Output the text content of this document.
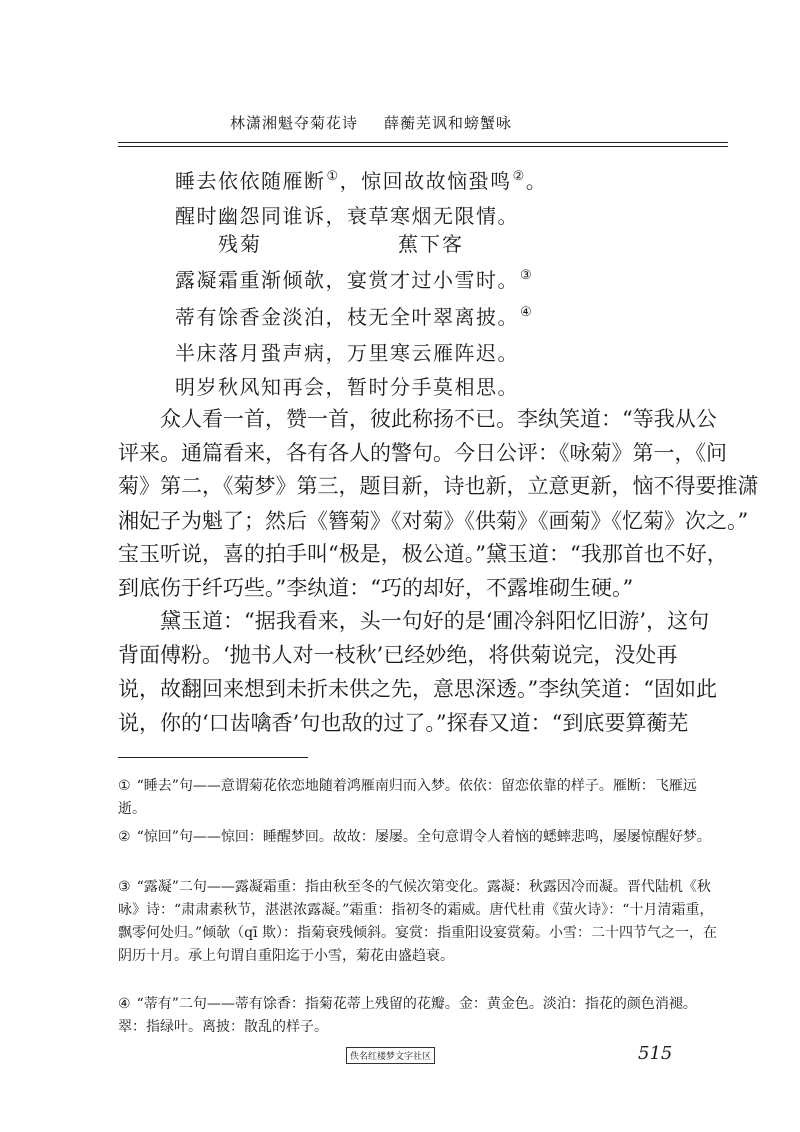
林潇湘魁夺菊花诗 薛蘅芜讽和螃蟹咏
睡去依依随雁断①，惊回故故恼蛩鸣②。
醒时幽怨同谁诉，衰草寒烟无限情。
残菊	蕉下客
露凝霜重渐倾欹，宴赏才过小雪时。③
蒂有馀香金淡泊，枝无全叶翠离披。④
半床落月蛩声病，万里寒云雁阵迟。
明岁秋风知再会，暂时分手莫相思。
　　众人看一首，赞一首，彼此称扬不已。李纨笑道：“等我从公
评来。通篇看来，各有各人的警句。今日公评：《咏菊》第一，《问
菊》第二，《菊梦》第三，题目新，诗也新，立意更新，恼不得要推潇
湘妃子为魁了；然后《簪菊》《对菊》《供菊》《画菊》《忆菊》次之。”
宝玉听说，喜的拍手叫“极是，极公道。”黛玉道：“我那首也不好，
到底伤于纤巧些。”李纨道：“巧的却好，不露堆砌生硬。”
　　黛玉道：“据我看来，头一句好的是‘圃冷斜阳忆旧游’，这句
背面傅粉。‘抛书人对一枝秋’已经妙绝，将供菊说完，没处再
说，故翻回来想到未折未供之先，意思深透。”李纨笑道：“固如此
说，你的‘口齿噙香’句也敌的过了。”探春又道：“到底要算蘅芜
① “睡去”句——意谓菊花依恋地随着鸿雁南归而入梦。依依：留恋依靠的样子。雁断：飞雁远逝。
② “惊回”句——惊回：睡醒梦回。故故：屡屡。全句意谓令人着恼的蟋蟀悲鸣，屡屡惊醒好梦。
③ “露凝”二句——露凝霜重：指由秋至冬的气候次第变化。露凝：秋露因冷而凝。晋代陆机《秋咏》诗：“肃肃素秋节，湛湛浓露凝。”霜重：指初冬的霜威。唐代杜甫《萤火诗》：“十月清霜重，飘零何处归。”倾欹（qī 欺）：指菊衰残倾斜。宴赏：指重阳设宴赏菊。小雪：二十四节气之一，在阴历十月。承上句谓自重阳迄于小雪，菊花由盛趋衰。
④ “蒂有”二句——蒂有馀香：指菊花蒂上残留的花瓣。金：黄金色。淡泊：指花的颜色消褪。翠：指绿叶。离披：散乱的样子。
佚名红楼梦文字社区	515
